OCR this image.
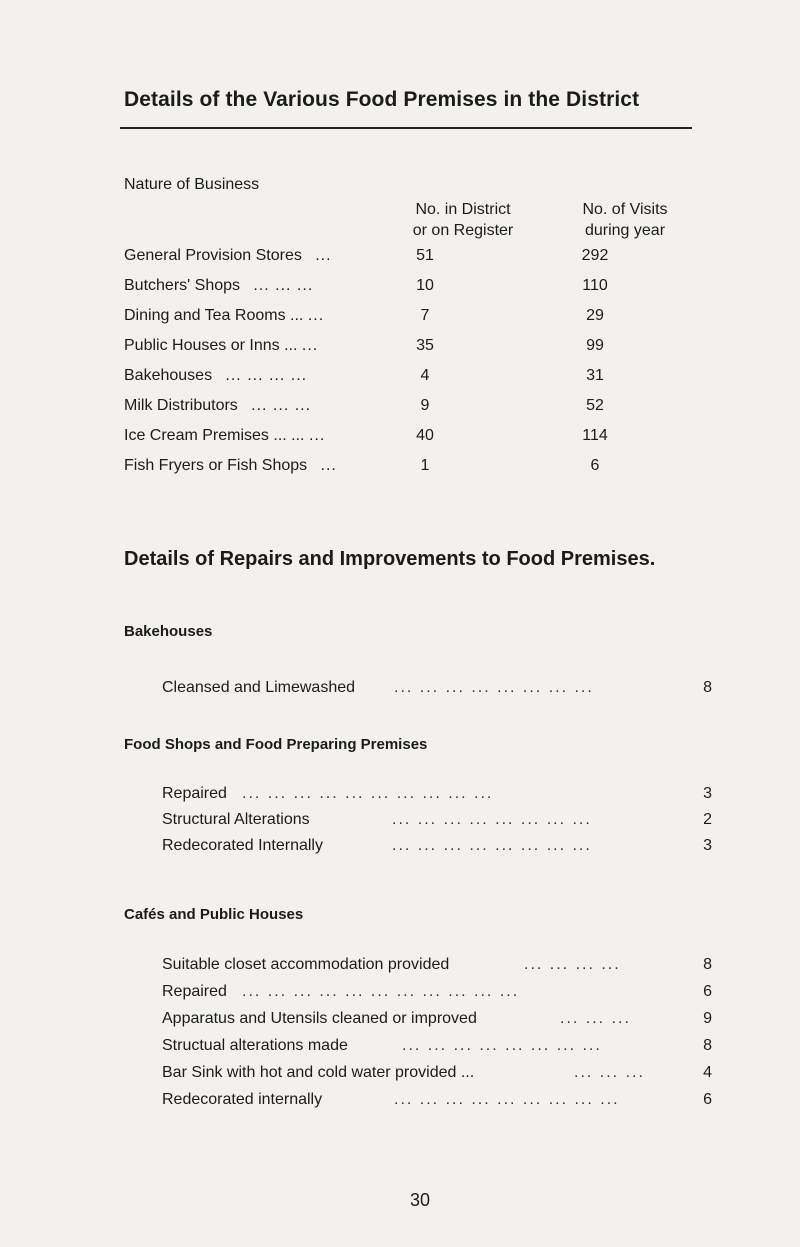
Details of the Various Food Premises in the District
Nature of Business
No. in District
or on Register
No. of Visits
during year
General Provision Stores ...	51	292
Butchers' Shops ... ... ...	10	110
Dining and Tea Rooms ... ...	7	29
Public Houses or Inns ... ...	35	99
Bakehouses ... ... ... ...	4	31
Milk Distributors ... ... ...	9	52
Ice Cream Premises ... ... ...	40	114
Fish Fryers or Fish Shops ...	1	6
Details of Repairs and Improvements to Food Premises.
Bakehouses
Cleansed and Limewashed ... ... ... ... ... ... ... ...	8
Food Shops and Food Preparing Premises
Repaired ... ... ... ... ... ... ... ... ... ...	3
Structural Alterations	... ... ... ... ... ... ... ...	2
Redecorated Internally	... ... ... ... ... ... ... ...	3
Cafés and Public Houses
Suitable closet accommodation provided	... ... ... ...	8
Repaired ... ... ... ... ... ... ... ... ... ... ...	6
Apparatus and Utensils cleaned or improved	... ... ...	9
Structual alterations made	... ... ... ... ... ... ... ...	8
Bar Sink with hot and cold water provided ...	... ... ...	4
Redecorated internally	... ... ... ... ... ... ... ... ...	6
30
